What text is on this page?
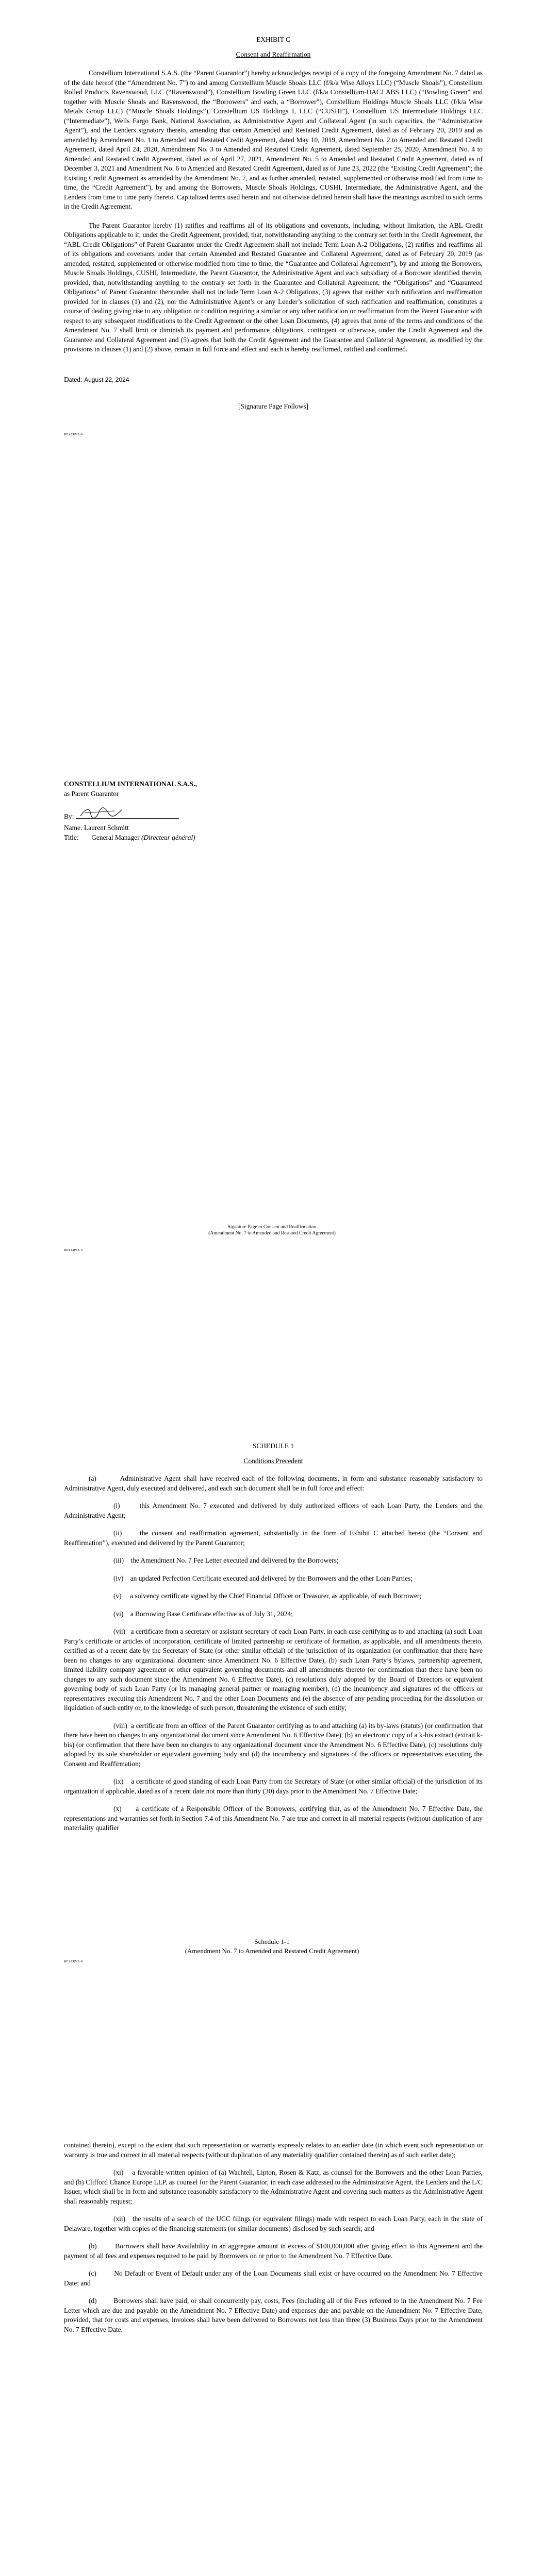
EXHIBIT C
Consent and Reaffirmation

Constellium International S.A.S. (the “Parent Guarantor”) hereby acknowledges receipt of a copy of the foregoing Amendment No. 7 dated as of the date hereof (the “Amendment No. 7”) to and among Constellium Muscle Shoals LLC (f/k/a Wise Alloys LLC) (“Muscle Shoals”), Constellium Rolled Products Ravenswood, LLC (“Ravenswood”), Constellium Bowling Green LLC (f/k/a Constellium-UACJ ABS LLC) (“Bowling Green” and together with Muscle Shoals and Ravenswood, the “Borrowers” and each, a “Borrower”), Constellium Holdings Muscle Shoals LLC (f/k/a Wise Metals Group LLC) (“Muscle Shoals Holdings”), Constellium US Holdings I, LLC (“CUSHI”), Constellium US Intermediate Holdings LLC (“Intermediate”), Wells Fargo Bank, National Association, as Administrative Agent and Collateral Agent (in such capacities, the “Administrative Agent”), and the Lenders signatory thereto, amending that certain Amended and Restated Credit Agreement, dated as of February 20, 2019 and as amended by Amendment No. 1 to Amended and Restated Credit Agreement, dated May 10, 2019, Amendment No. 2 to Amended and Restated Credit Agreement, dated April 24, 2020, Amendment No. 3 to Amended and Restated Credit Agreement, dated September 25, 2020, Amendment No. 4 to Amended and Restated Credit Agreement, dated as of April 27, 2021, Amendment No. 5 to Amended and Restated Credit Agreement, dated as of December 3, 2021 and Amendment No. 6 to Amended and Restated Credit Agreement, dated as of June 23, 2022 (the “Existing Credit Agreement”; the Existing Credit Agreement as amended by the Amendment No. 7, and as further amended, restated, supplemented or otherwise modified from time to time, the “Credit Agreement”), by and among the Borrowers, Muscle Shoals Holdings, CUSHI, Intermediate, the Administrative Agent, and the Lenders from time to time party thereto. Capitalized terms used herein and not otherwise defined herein shall have the meanings ascribed to such terms in the Credit Agreement.

The Parent Guarantor hereby (1) ratifies and reaffirms all of its obligations and covenants, including, without limitation, the ABL Credit Obligations applicable to it, under the Credit Agreement, provided, that, notwithstanding anything to the contrary set forth in the Credit Agreement, the “ABL Credit Obligations” of Parent Guarantor under the Credit Agreement shall not include Term Loan A-2 Obligations, (2) ratifies and reaffirms all of its obligations and covenants under that certain Amended and Restated Guarantee and Collateral Agreement, dated as of February 20, 2019 (as amended, restated, supplemented or otherwise modified from time to time, the “Guarantee and Collateral Agreement”), by and among the Borrowers, Muscle Shoals Holdings, CUSHI, Intermediate, the Parent Guarantor, the Administrative Agent and each subsidiary of a Borrower identified therein, provided, that, notwithstanding anything to the contrary set forth in the Guarantee and Collateral Agreement, the “Obligations” and “Guaranteed Obligations” of Parent Guarantor thereunder shall not include Term Loan A-2 Obligations, (3) agrees that neither such ratification and reaffirmation provided for in clauses (1) and (2), nor the Administrative Agent’s or any Lender’s solicitation of such ratification and reaffirmation, constitutes a course of dealing giving rise to any obligation or condition requiring a similar or any other ratification or reaffirmation from the Parent Guarantor with respect to any subsequent modifications to the Credit Agreement or the other Loan Documents, (4) agrees that none of the terms and conditions of the Amendment No. 7 shall limit or diminish its payment and performance obligations, contingent or otherwise, under the Credit Agreement and the Guarantee and Collateral Agreement and (5) agrees that both the Credit Agreement and the Guarantee and Collateral Agreement, as modified by the provisions in clauses (1) and (2) above, remain in full force and effect and each is hereby reaffirmed, ratified and confirmed.

Dated: August 22, 2024
[Signature Page Follows]
RESERVE-9
CONSTELLIUM INTERNATIONAL S.A.S.,
as Parent Guarantor
By:
Name: Laurent Schmitt
Title: General Manager (Directeur général)
Signature Page to Consent and Reaffirmation
(Amendment No. 7 to Amended and Restated Credit Agreement)
RESERVE-9
SCHEDULE 1
Conditions Precedent

(a)        Administrative Agent shall have received each of the following documents, in form and substance reasonably satisfactory to Administrative Agent, duly executed and delivered, and each such document shall be in full force and effect:

(i)      this Amendment No. 7 executed and delivered by duly authorized officers of each Loan Party, the Lenders and the Administrative Agent;

(ii)     the consent and reaffirmation agreement, substantially in the form of Exhibit C attached hereto (the “Consent and Reaffirmation”), executed and delivered by the Parent Guarantor;

(iii)    the Amendment No. 7 Fee Letter executed and delivered by the Borrowers;

(iv)    an updated Perfection Certificate executed and delivered by the Borrowers and the other Loan Parties;

(v)     a solvency certificate signed by the Chief Financial Officer or Treasurer, as applicable, of each Borrower;

(vi)    a Borrowing Base Certificate effective as of July 31, 2024;

(vii)   a certificate from a secretary or assistant secretary of each Loan Party, in each case certifying as to and attaching (a) such Loan Party’s certificate or articles of incorporation, certificate of limited partnership or certificate of formation, as applicable, and all amendments thereto, certified as of a recent date by the Secretary of State (or other similar official) of the jurisdiction of its organization (or confirmation that there have been no changes to any organizational document since Amendment No. 6 Effective Date), (b) such Loan Party’s bylaws, partnership agreement, limited liability company agreement or other equivalent governing documents and all amendments thereto (or confirmation that there have been no changes to any such document since the Amendment No. 6 Effective Date), (c) resolutions duly adopted by the Board of Directors or equivalent governing body of such Loan Party (or its managing general partner or managing member), (d) the incumbency and signatures of the officers or representatives executing this Amendment No. 7 and the other Loan Documents and (e) the absence of any pending proceeding for the dissolution or liquidation of such entity or, to the knowledge of such person, threatening the existence of such entity;

(viii)  a certificate from an officer of the Parent Guarantor certifying as to and attaching (a) its by-laws (statuts) (or confirmation that there have been no changes to any organizational document since Amendment No. 6 Effective Date), (b) an electronic copy of a k-bis extract (extrait k-bis) (or confirmation that there have been no changes to any organizational document since the Amendment No. 6 Effective Date), (c) resolutions duly adopted by its sole shareholder or equivalent governing body and (d) the incumbency and signatures of the officers or representatives executing the Consent and Reaffirmation;

(ix)    a certificate of good standing of each Loan Party from the Secretary of State (or other similar official) of the jurisdiction of its organization if applicable, dated as of a recent date not more than thirty (30) days prior to the Amendment No. 7 Effective Date;

(x)     a certificate of a Responsible Officer of the Borrowers, certifying that, as of the Amendment No. 7 Effective Date, the representations and warranties set forth in Section 7.4 of this Amendment No. 7 are true and correct in all material respects (without duplication of any materiality qualifier

Schedule 1-1
(Amendment No. 7 to Amended and Restated Credit Agreement)
RESERVE-9

contained therein), except to the extent that such representation or warranty expressly relates to an earlier date (in which event such representation or warranty is true and correct in all material respects (without duplication of any materiality qualifier contained therein) as of such earlier date);

(xi)    a favorable written opinion of (a) Wachtell, Lipton, Rosen & Katz, as counsel for the Borrowers and the other Loan Parties, and (b) Clifford Chance Europe LLP, as counsel for the Parent Guarantor, in each case addressed to the Administrative Agent, the Lenders and the L/C Issuer, which shall be in form and substance reasonably satisfactory to the Administrative Agent and covering such matters as the Administrative Agent shall reasonably request;

(xii)   the results of a search of the UCC filings (or equivalent filings) made with respect to each Loan Party, each in the state of Delaware, together with copies of the financing statements (or similar documents) disclosed by such search; and

(b)        Borrowers shall have Availability in an aggregate amount in excess of $100,000,000 after giving effect to this Agreement and the payment of all fees and expenses required to be paid by Borrowers on or prior to the Amendment No. 7 Effective Date.

(c)        No Default or Event of Default under any of the Loan Documents shall exist or have occurred on the Amendment No. 7 Effective Date; and

(d)        Borrowers shall have paid, or shall concurrently pay, costs, Fees (including all of the Fees referred to in the Amendment No. 7 Fee Letter which are due and payable on the Amendment No. 7 Effective Date) and expenses due and payable on the Amendment No. 7 Effective Date, provided, that for costs and expenses, invoices shall have been delivered to Borrowers not less than three (3) Business Days prior to the Amendment No. 7 Effective Date.
